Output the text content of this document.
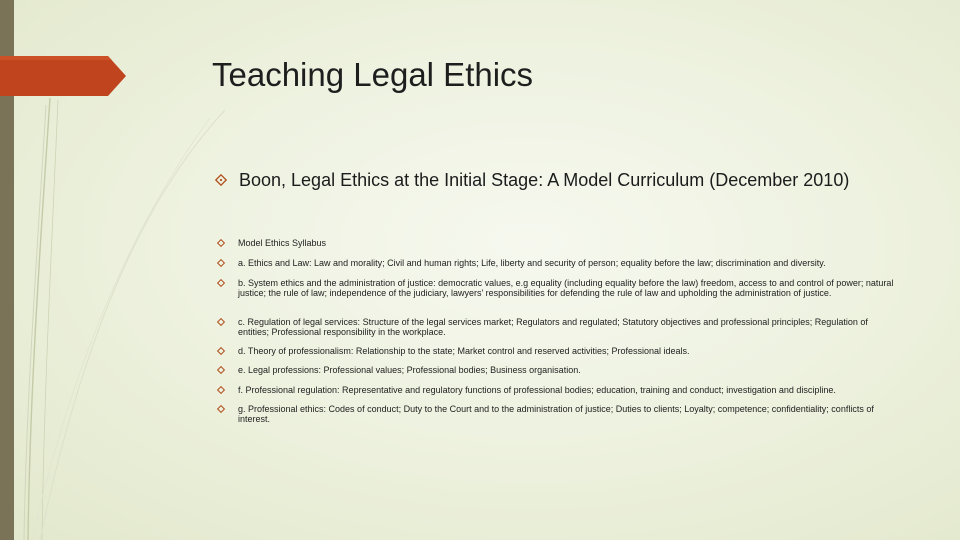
Teaching Legal Ethics
Boon, Legal Ethics at the Initial Stage: A Model Curriculum (December 2010)
Model Ethics Syllabus
a. Ethics and Law: Law and morality; Civil and human rights; Life, liberty and security of person; equality before the law; discrimination and diversity.
b. System ethics and the administration of justice: democratic values, e.g equality (including equality before the law) freedom, access to and control of power; natural justice; the rule of law; independence of the judiciary, lawyers' responsibilities for defending the rule of law and upholding the administration of justice.
c. Regulation of legal services: Structure of the legal services market; Regulators and regulated; Statutory objectives and professional principles; Regulation of entities; Professional responsibility in the workplace.
d. Theory of professionalism: Relationship to the state; Market control and reserved activities; Professional ideals.
e. Legal professions: Professional values; Professional bodies; Business organisation.
f. Professional regulation: Representative and regulatory functions of professional bodies; education, training and conduct; investigation and discipline.
g. Professional ethics: Codes of conduct; Duty to the Court and to the administration of justice; Duties to clients; Loyalty; competence; confidentiality; conflicts of interest.
